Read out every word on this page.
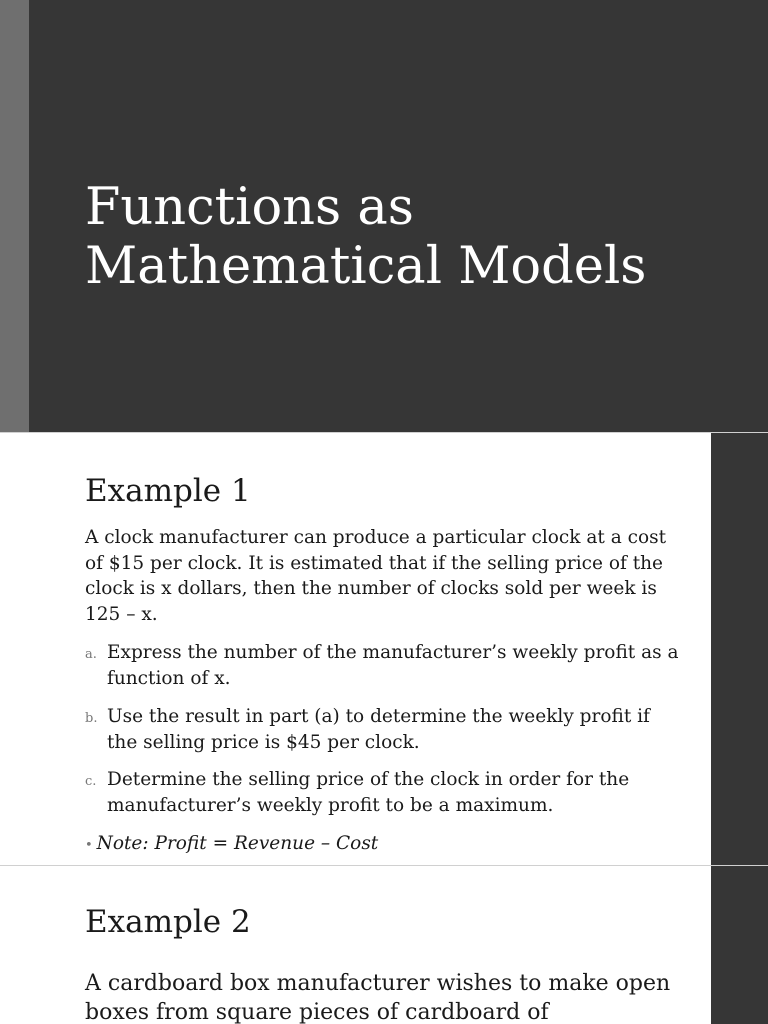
Functions as
Mathematical Models
Example 1
A clock manufacturer can produce a particular clock at a cost of $15 per clock. It is estimated that if the selling price of the clock is x dollars, then the number of clocks sold per week is 125 – x.
a. Express the number of the manufacturer’s weekly profit as a function of x.
b. Use the result in part (a) to determine the weekly profit if the selling price is $45 per clock.
c. Determine the selling price of the clock in order for the manufacturer’s weekly profit to be a maximum.
• Note: Profit = Revenue – Cost
Example 2
A cardboard box manufacturer wishes to make open boxes from square pieces of cardboard of
